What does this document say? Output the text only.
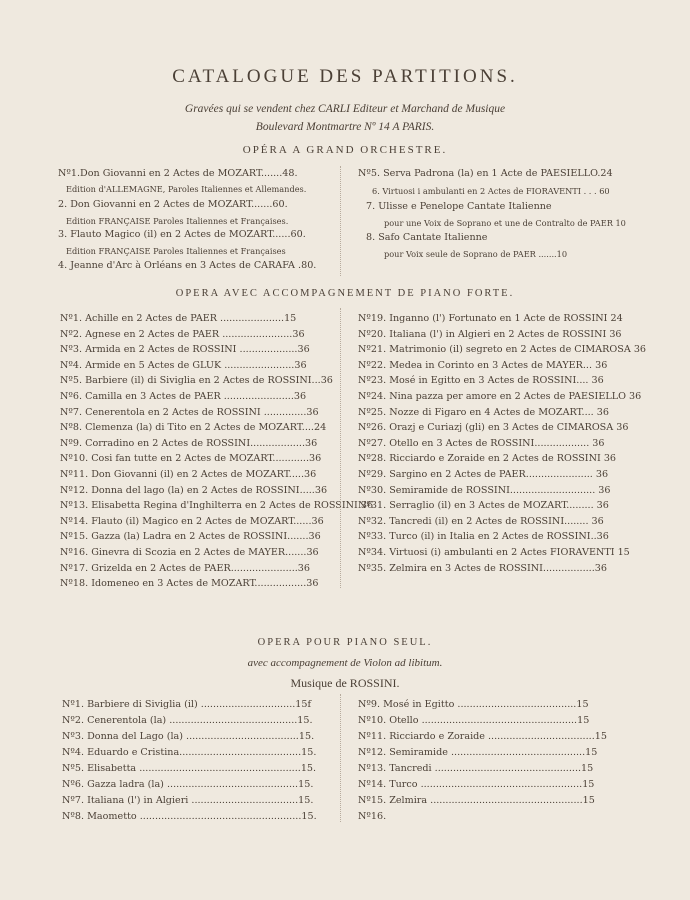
CATALOGUE DES PARTITIONS.
Gravées qui se vendent chez CARLI Editeur et Marchand de Musique
Boulevard Montmartre Nº 14 A PARIS.
OPÉRA A GRAND ORCHESTRE.
Nº1.Don Giovanni en 2 Actes de MOZART.......48.
Edition d'ALLEMAGNE, Paroles Italiennes et Allemandes.
2. Don Giovanni en 2 Actes de MOZART.......60.
Edition FRANÇAISE Paroles Italiennes et Françaises.
3. Flauto Magico (il) en 2 Actes de MOZART......60.
Edition FRANÇAISE Paroles Italiennes et Françaises
4. Jeanne d'Arc à Orléans en 3 Actes de CARAFA .80.
Nº5. Serva Padrona (la) en 1 Acte de PAESIELLO.24
6. Virtuosi i ambulanti en 2 Actes de FIORAVENTI . . . 60
7. Ulisse e Penelope Cantate Italienne
pour une Voix de Soprano et une de Contralto de PAER 10
8. Safo Cantate Italienne
pour Voix seule de Soprano de PAER .......10
OPERA AVEC ACCOMPAGNEMENT DE PIANO FORTE.
Nº1. Achille en 2 Actes de PAER .....................15
Nº2. Agnese en 2 Actes de PAER .......................36
Nº3. Armida en 2 Actes de ROSSINI ...................36
Nº4. Armide en 5 Actes de GLUK .......................36
Nº5. Barbiere (il) di Siviglia en 2 Actes de ROSSINI...36
Nº6. Camilla en 3 Actes de PAER .......................36
Nº7. Cenerentola en 2 Actes de ROSSINI ..............36
Nº8. Clemenza (la) di Tito en 2 Actes de MOZART....24
Nº9. Corradino en 2 Actes de ROSSINI..................36
Nº10. Cosi fan tutte en 2 Actes de MOZART............36
Nº11. Don Giovanni (il) en 2 Actes de MOZART.....36
Nº12. Donna del lago (la) en 2 Actes de ROSSINI.....36
Nº13. Elisabetta Regina d'Inghilterra en 2 Actes de ROSSINI 36
Nº14. Flauto (il) Magico en 2 Actes de MOZART......36
Nº15. Gazza (la) Ladra en 2 Actes de ROSSINI.......36
Nº16. Ginevra di Scozia en 2 Actes de MAYER.......36
Nº17. Grizelda en 2 Actes de PAER......................36
Nº18. Idomeneo en 3 Actes de MOZART.................36
Nº19. Inganno (l') Fortunato en 1 Acte de ROSSINI 24
Nº20. Italiana (l') in Algieri en 2 Actes de ROSSINI 36
Nº21. Matrimonio (il) segreto en 2 Actes de CIMAROSA 36
Nº22. Medea in Corinto en 3 Actes de MAYER... 36
Nº23. Mosé in Egitto en 3 Actes de ROSSINI.... 36
Nº24. Nina pazza per amore en 2 Actes de PAESIELLO 36
Nº25. Nozze di Figaro en 4 Actes de MOZART.... 36
Nº26. Orazj e Curiazj (gli) en 3 Actes de CIMAROSA 36
Nº27. Otello en 3 Actes de ROSSINI.................. 36
Nº28. Ricciardo e Zoraide en 2 Actes de ROSSINI 36
Nº29. Sargino en 2 Actes de PAER...................... 36
Nº30. Semiramide de ROSSINI............................ 36
Nº31. Serraglio (il) en 3 Actes de MOZART......... 36
Nº32. Tancredi (il) en 2 Actes de ROSSINI........ 36
Nº33. Turco (il) in Italia en 2 Actes de ROSSINI..36
Nº34. Virtuosi (i) ambulanti en 2 Actes FIORAVENTI 15
Nº35. Zelmira en 3 Actes de ROSSINI.................36
OPERA POUR PIANO SEUL.
avec accompagnement de Violon ad libitum.
Musique de ROSSINI.
Nº1. Barbiere di Siviglia (il) ...............................15f
Nº2. Cenerentola (la) ..........................................15.
Nº3. Donna del Lago (la) .....................................15.
Nº4. Eduardo e Cristina........................................15.
Nº5. Elisabetta .....................................................15.
Nº6. Gazza ladra (la) ...........................................15.
Nº7. Italiana (l') in Algieri ...................................15.
Nº8. Maometto .....................................................15.
Nº9. Mosé in Egitto .......................................15
Nº10. Otello ...................................................15
Nº11. Ricciardo e Zoraide ...................................15
Nº12. Semiramide ............................................15
Nº13. Tancredi ................................................15
Nº14. Turco .....................................................15
Nº15. Zelmira ..................................................15
Nº16.
